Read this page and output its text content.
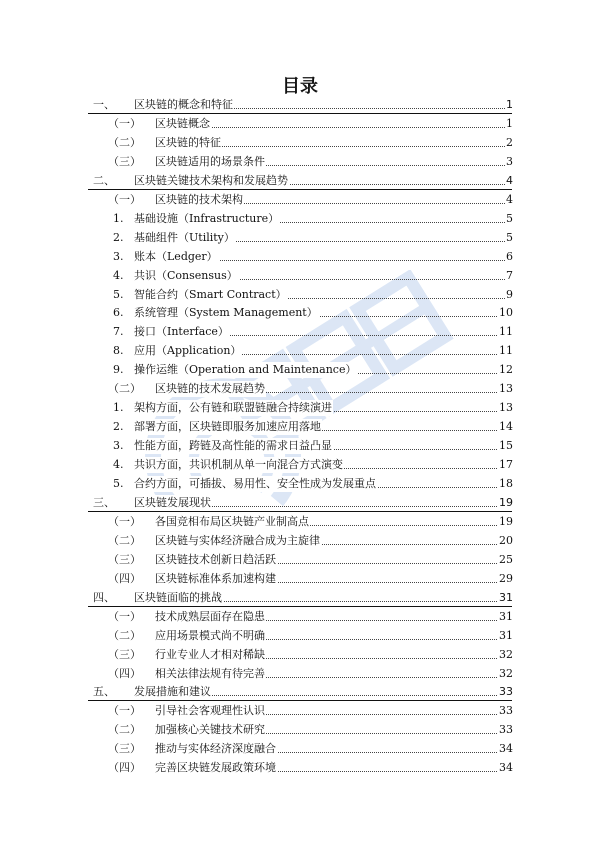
目录
一、 区块链的概念和特征	1
（一） 区块链概念	1
（二） 区块链的特征	2
（三） 区块链适用的场景条件	3
二、 区块链关键技术架构和发展趋势	4
（一） 区块链的技术架构	4
1. 基础设施（Infrastructure）	5
2. 基础组件（Utility）	5
3. 账本（Ledger）	6
4. 共识（Consensus）	7
5. 智能合约（Smart Contract）	9
6. 系统管理（System Management）	10
7. 接口（Interface）	11
8. 应用（Application）	11
9. 操作运维（Operation and Maintenance）	12
（二） 区块链的技术发展趋势	13
1. 架构方面，公有链和联盟链融合持续演进	13
2. 部署方面，区块链即服务加速应用落地	14
3. 性能方面，跨链及高性能的需求日益凸显	15
4. 共识方面，共识机制从单一向混合方式演变	17
5. 合约方面，可插拔、易用性、安全性成为发展重点	18
三、 区块链发展现状	19
（一） 各国竞相布局区块链产业制高点	19
（二） 区块链与实体经济融合成为主旋律	20
（三） 区块链技术创新日趋活跃	25
（四） 区块链标准体系加速构建	29
四、 区块链面临的挑战	31
（一） 技术成熟层面存在隐患	31
（二） 应用场景模式尚不明确	31
（三） 行业专业人才相对稀缺	32
（四） 相关法律法规有待完善	32
五、 发展措施和建议	33
（一） 引导社会客观理性认识	33
（二） 加强核心关键技术研究	33
（三） 推动与实体经济深度融合	34
（四） 完善区块链发展政策环境	34
